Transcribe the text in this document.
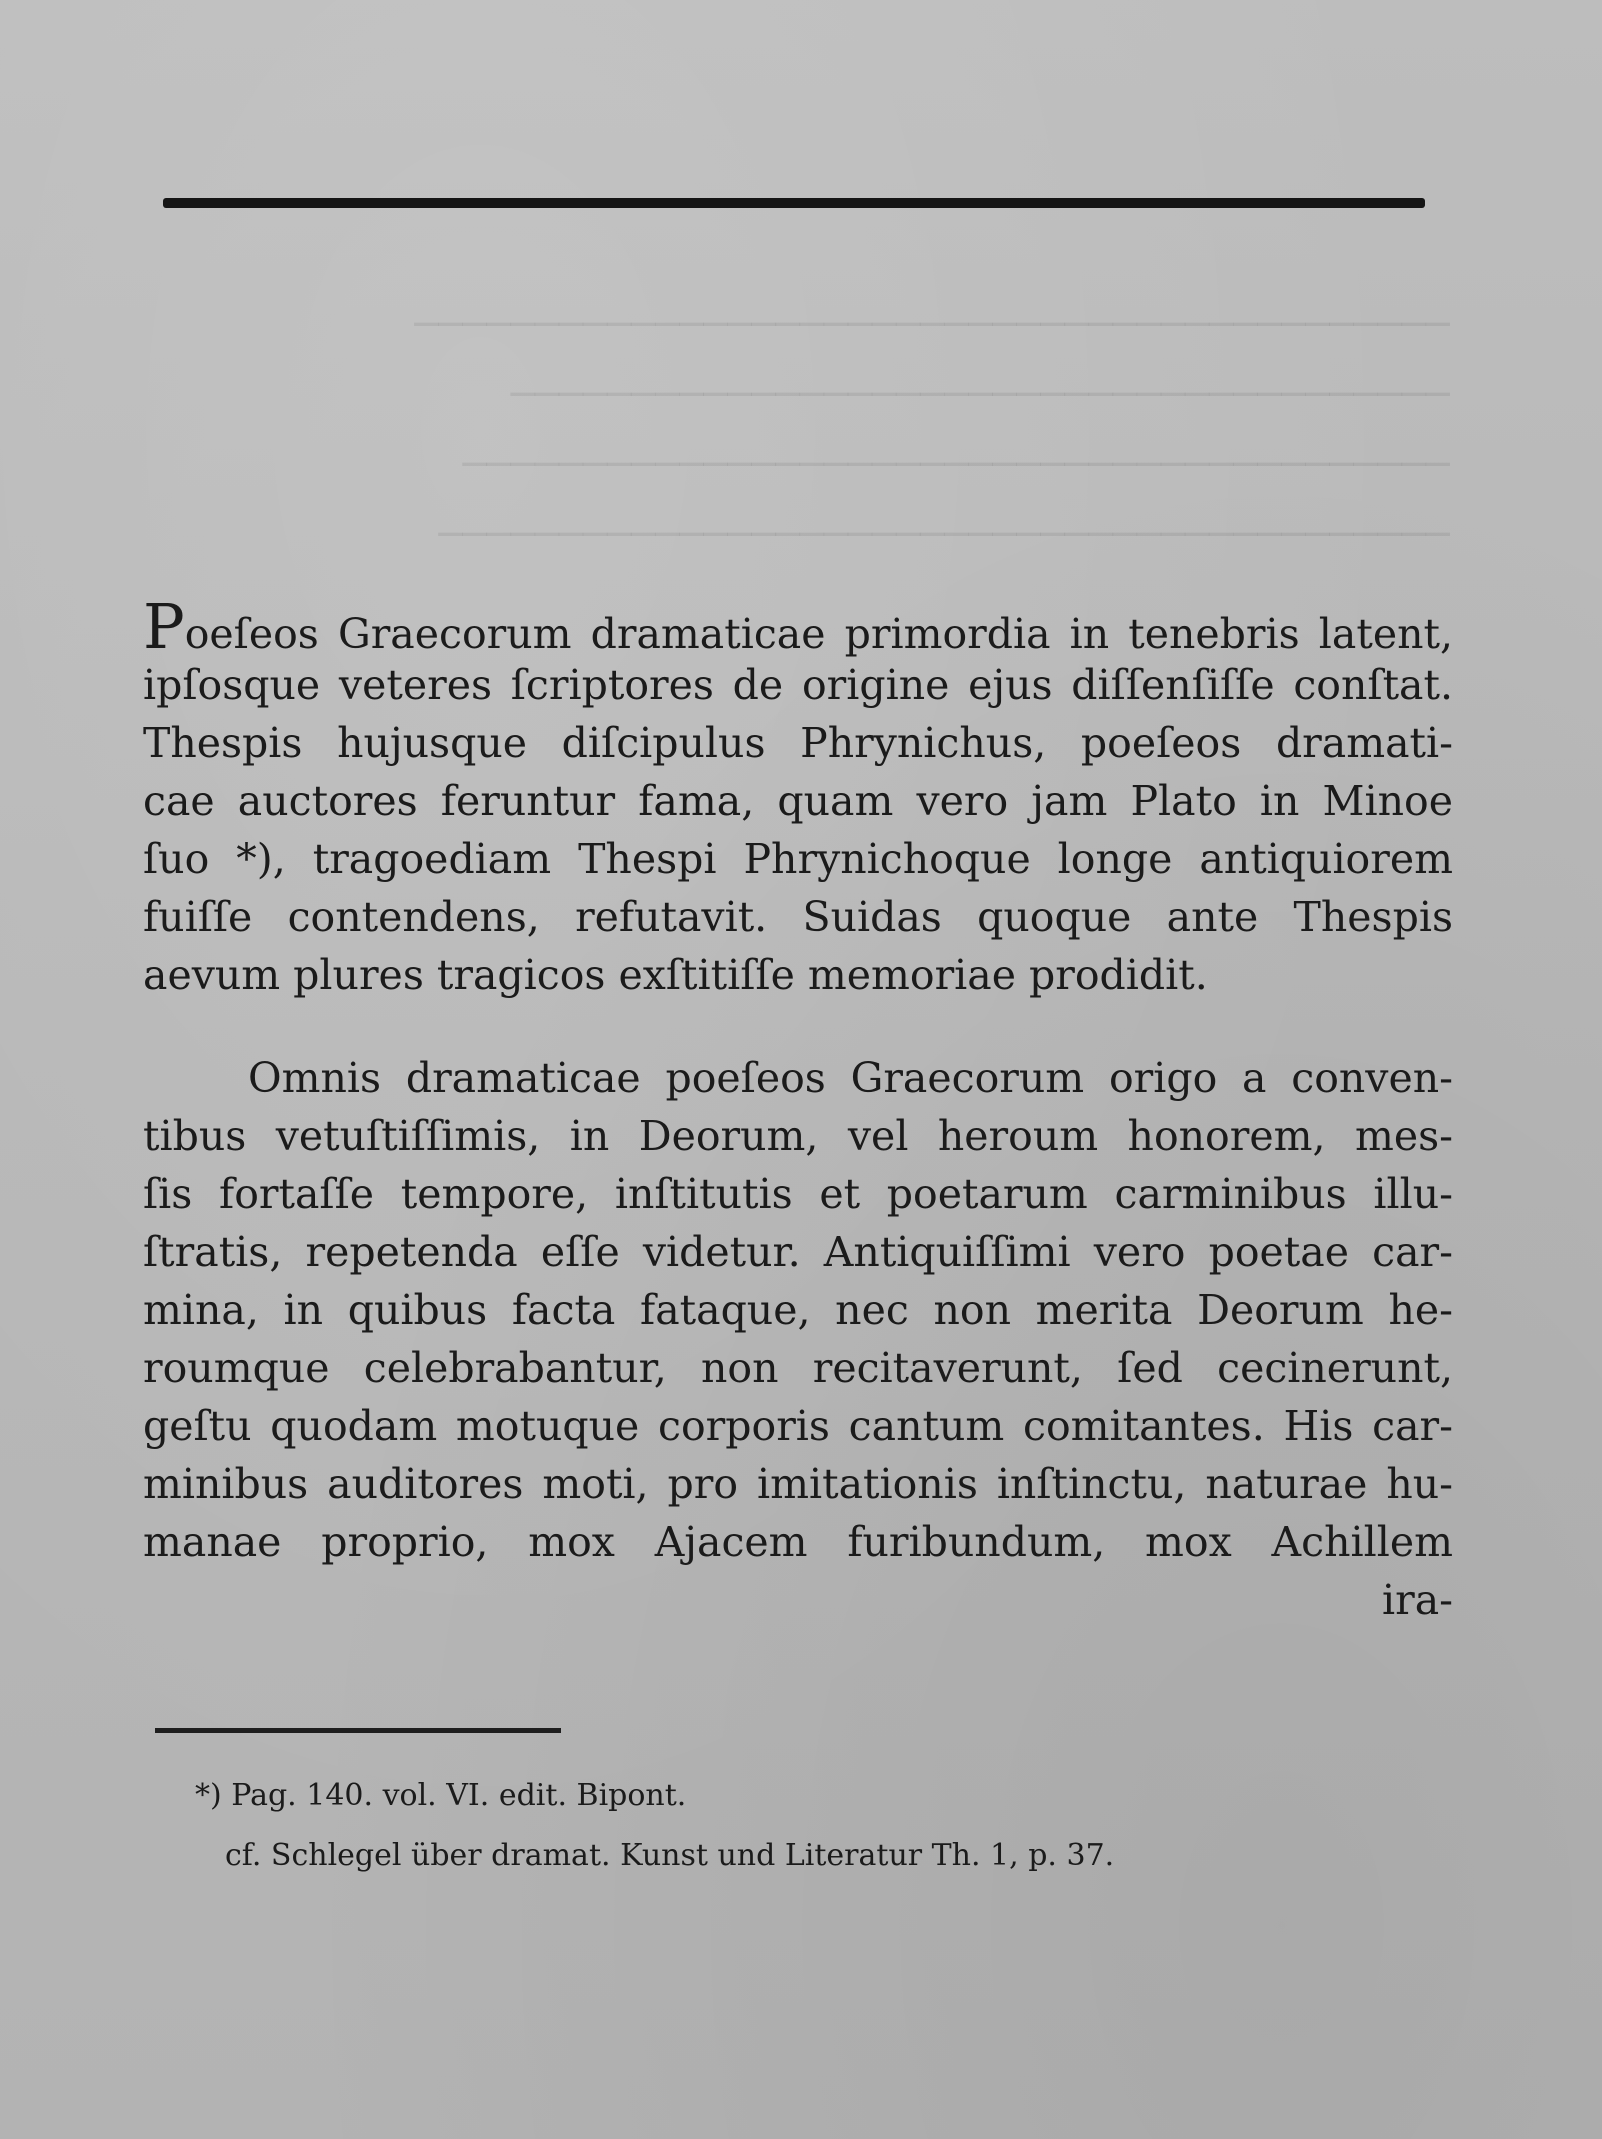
───────────────────────────────────────────
───────────────────────────────────────
─────────────────────────────────────────
──────────────────────────────────────────
Poeſeos Graecorum dramaticae primordia in tenebris latent,
ipſosque veteres ſcriptores de origine ejus diſſenſiſſe conſtat.
Thespis hujusque diſcipulus Phrynichus, poeſeos dramati-
cae auctores feruntur fama, quam vero jam Plato in Minoe
ſuo *), tragoediam Thespi Phrynichoque longe antiquiorem
fuiſſe contendens, refutavit. Suidas quoque ante Thespis
aevum plures tragicos exſtitiſſe memoriae prodidit.
Omnis dramaticae poeſeos Graecorum origo a conven-
tibus vetuſtiſſimis, in Deorum, vel heroum honorem, mes-
ſis fortaſſe tempore, inſtitutis et poetarum carminibus illu-
ſtratis, repetenda eſſe videtur. Antiquiſſimi vero poetae car-
mina, in quibus facta fataque, nec non merita Deorum he-
roumque celebrabantur, non recitaverunt, ſed cecinerunt,
geſtu quodam motuque corporis cantum comitantes. His car-
minibus auditores moti, pro imitationis inſtinctu, naturae hu-
manae proprio, mox Ajacem furibundum, mox Achillem
ira-
*) Pag. 140. vol. VI. edit. Bipont.
cf. Schlegel über dramat. Kunst und Literatur Th. 1, p. 37.
